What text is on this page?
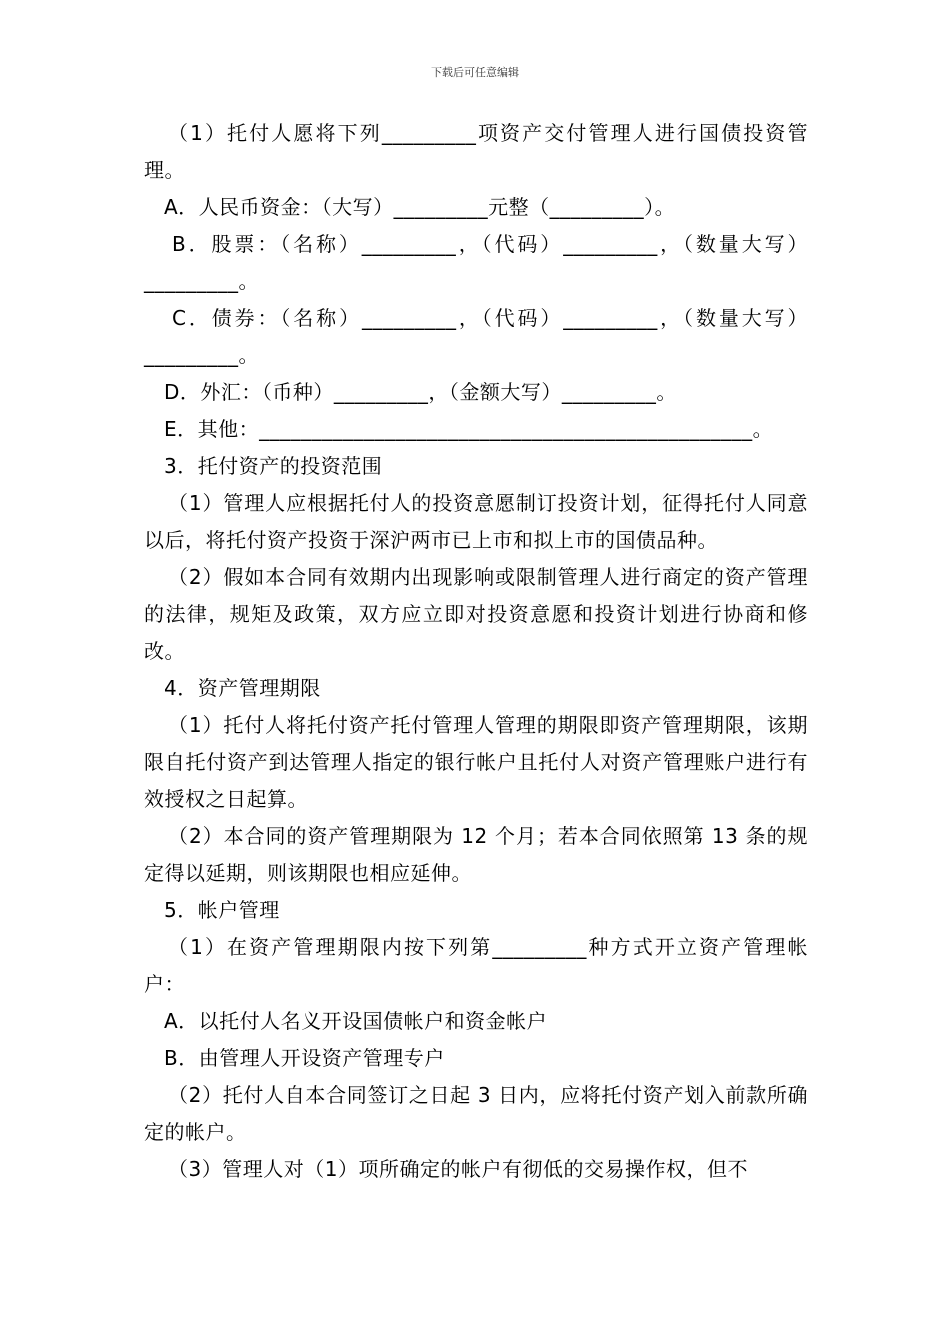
下载后可任意编辑

（1）托付人愿将下列_________项资产交付管理人进行国债投资管理。

A．人民币资金：（大写）_________元整（_________）。

B．股票：（名称）_________，（代码）_________，（数量大写）_________。

C．债券：（名称）_________，（代码）_________，（数量大写）_________。

D．外汇：（币种）_________，（金额大写）_________。

E．其他：_______________________________________________。

3．托付资产的投资范围

（1）管理人应根据托付人的投资意愿制订投资计划，征得托付人同意以后，将托付资产投资于深沪两市已上市和拟上市的国债品种。

（2）假如本合同有效期内出现影响或限制管理人进行商定的资产管理的法律，规矩及政策，双方应立即对投资意愿和投资计划进行协商和修改。

4．资产管理期限

（1）托付人将托付资产托付管理人管理的期限即资产管理期限，该期限自托付资产到达管理人指定的银行帐户且托付人对资产管理账户进行有效授权之日起算。

（2）本合同的资产管理期限为 12 个月；若本合同依照第 13 条的规定得以延期，则该期限也相应延伸。

5．帐户管理

（1）在资产管理期限内按下列第_________种方式开立资产管理帐户：

A．以托付人名义开设国债帐户和资金帐户

B．由管理人开设资产管理专户

（2）托付人自本合同签订之日起 3 日内，应将托付资产划入前款所确定的帐户。

（3）管理人对（1）项所确定的帐户有彻低的交易操作权，但不
